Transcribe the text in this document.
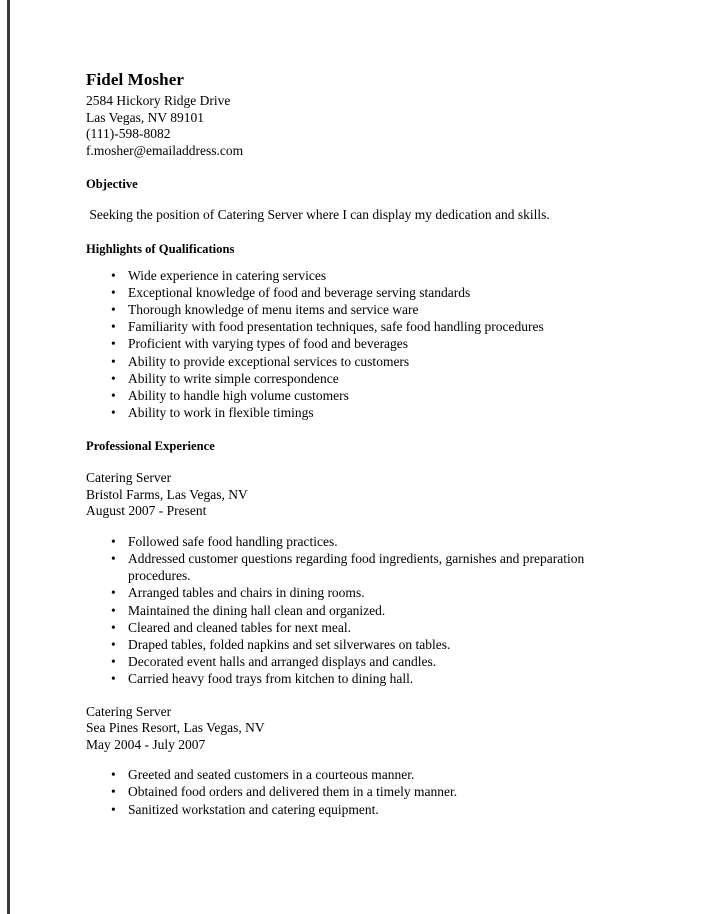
Fidel Mosher
2584 Hickory Ridge Drive
Las Vegas, NV 89101
(111)-598-8082
f.mosher@emailaddress.com
Objective
Seeking the position of Catering Server where I can display my dedication and skills.
Highlights of Qualifications
• Wide experience in catering services
• Exceptional knowledge of food and beverage serving standards
• Thorough knowledge of menu items and service ware
• Familiarity with food presentation techniques, safe food handling procedures
• Proficient with varying types of food and beverages
• Ability to provide exceptional services to customers
• Ability to write simple correspondence
• Ability to handle high volume customers
• Ability to work in flexible timings
Professional Experience
Catering Server
Bristol Farms, Las Vegas, NV
August 2007 - Present
• Followed safe food handling practices.
• Addressed customer questions regarding food ingredients, garnishes and preparation procedures.
• Arranged tables and chairs in dining rooms.
• Maintained the dining hall clean and organized.
• Cleared and cleaned tables for next meal.
• Draped tables, folded napkins and set silverwares on tables.
• Decorated event halls and arranged displays and candles.
• Carried heavy food trays from kitchen to dining hall.
Catering Server
Sea Pines Resort, Las Vegas, NV
May 2004 - July 2007
• Greeted and seated customers in a courteous manner.
• Obtained food orders and delivered them in a timely manner.
• Sanitized workstation and catering equipment.
